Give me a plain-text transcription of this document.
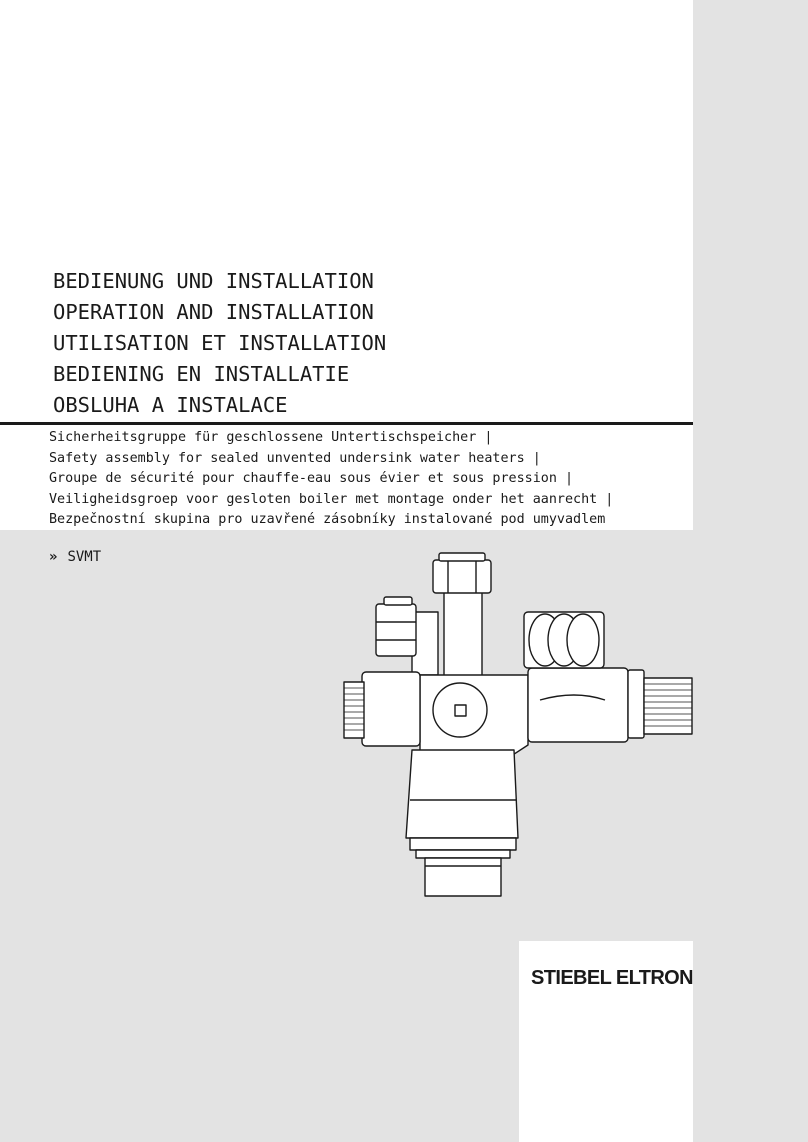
BEDIENUNG UND INSTALLATION
OPERATION AND INSTALLATION
UTILISATION ET INSTALLATION
BEDIENING EN INSTALLATIE
OBSLUHA A INSTALACE
Sicherheitsgruppe für geschlossene Untertischspeicher |
Safety assembly for sealed unvented undersink water heaters |
Groupe de sécurité pour chauffe-eau sous évier et sous pression |
Veiligheidsgroep voor gesloten boiler met montage onder het aanrecht |
Bezpečnostní skupina pro uzavřené zásobníky instalované pod umyvadlem
» SVMT
STIEBEL ELTRON
